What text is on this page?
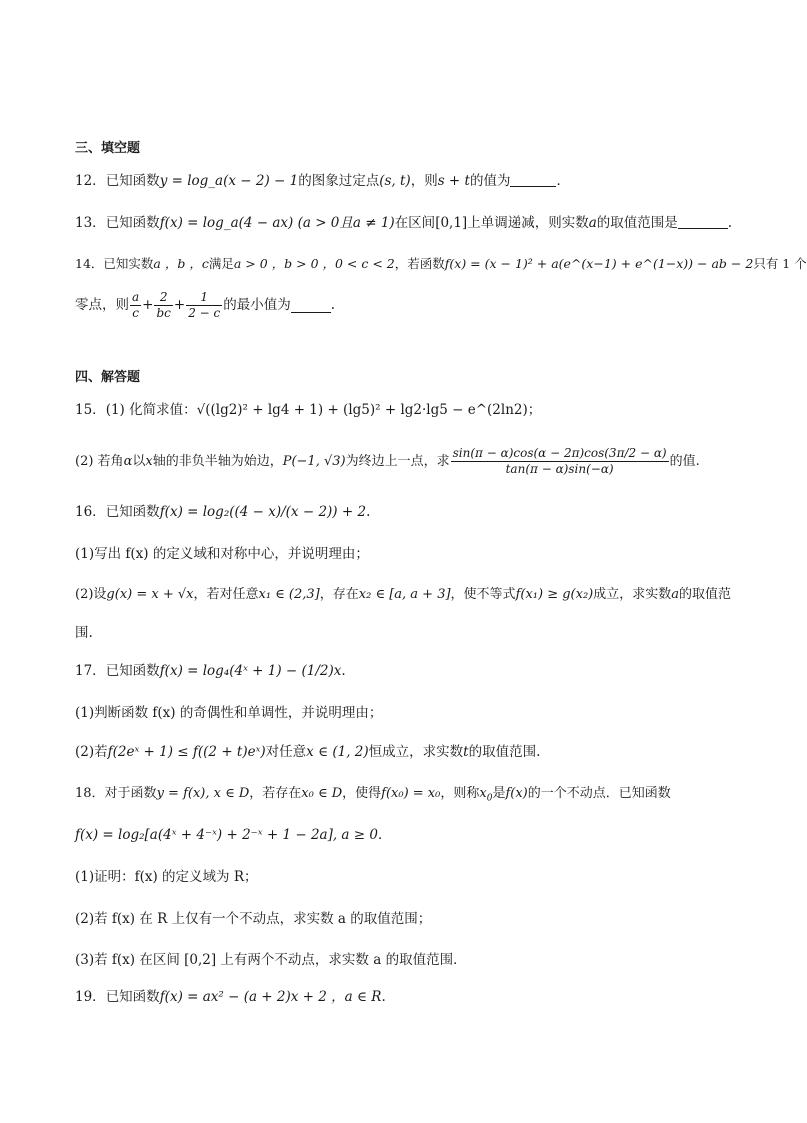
三、填空题
12．已知函数y = log_a(x − 2) − 1的图象过定点(s, t)，则s + t的值为	．
13．已知函数f(x) = log_a(4 − ax) (a > 0且a ≠ 1)在区间[0,1]上单调递减，则实数a的取值范围是	.
14．已知实数a ，b ，c满足a > 0 ，b > 0 ，0 < c < 2，若函数f(x) = (x − 1)² + a(e^(x−1) + e^(1−x)) − ab − 2只有 1 个
零点，则 $\frac{a}{c} + \frac{2}{bc} + \frac{1}{2 - c}$ 的最小值为	.
四、解答题
15．(1) 化简求值：√((lg2)² + lg4 + 1) + (lg5)² + lg2·lg5 − e^(2ln2)；
(2) 若角α以x轴的非负半轴为始边，P(−1, √3)为终边上一点，求 $\frac{\sin(\pi - \alpha)\cos(\alpha - 2\pi)\cos(3\pi/2 - \alpha)}{\tan(\pi - \alpha)\sin(-\alpha)}$ 的值.
16．已知函数f(x) = log₂((4 − x)/(x − 2)) + 2.
(1)写出 f(x) 的定义域和对称中心，并说明理由；
(2)设g(x) = x + √x，若对任意x₁ ∈ (2,3]，存在x₂ ∈ [a, a + 3]，使不等式f(x₁) ≥ g(x₂)成立，求实数a的取值范
围.
17．已知函数f(x) = log₄(4ˣ + 1) − (1/2)x.
(1)判断函数 f(x) 的奇偶性和单调性，并说明理由；
(2)若f(2eˣ + 1) ≤ f((2 + t)eˣ)对任意x ∈ (1, 2)恒成立，求实数t的取值范围.
18．对于函数y = f(x), x ∈ D，若存在x₀ ∈ D，使得f(x₀) = x₀，则称$x_0$是f(x)的一个不动点．已知函数
f(x) = log₂[a(4ˣ + 4⁻ˣ) + 2⁻ˣ + 1 − 2a], a ≥ 0．
(1)证明：f(x) 的定义域为 R；
(2)若 f(x) 在 R 上仅有一个不动点，求实数 a 的取值范围；
(3)若 f(x) 在区间 [0,2] 上有两个不动点，求实数 a 的取值范围．
19．已知函数f(x) = ax² − (a + 2)x + 2 ，a ∈ R.
